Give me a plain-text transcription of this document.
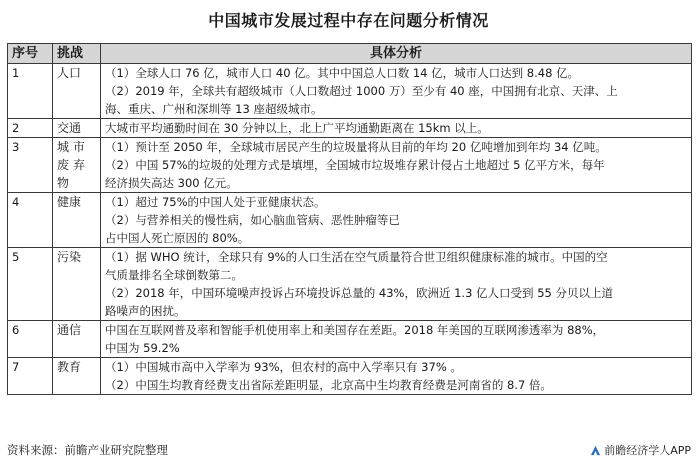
中国城市发展过程中存在问题分析情况
序号	挑战	具体分析
1	人口	（1）全球人口 76 亿，城市人口 40 亿。其中中国总人口数 14 亿，城市人口达到 8.48 亿。
（2）2019 年，全球共有超级城市（人口数超过 1000 万）至少有 40 座，中国拥有北京、天津、上
海、重庆、广州和深圳等 13 座超级城市。

2	交通	大城市平均通勤时间在 30 分钟以上，北上广平均通勤距离在 15km 以上。

3	城 市 废 弃 物	（1）预计至 2050 年，全球城市居民产生的垃圾量将从目前的年均 20 亿吨增加到年均 34 亿吨。
（2）中国 57%的垃圾的处理方式是填埋，全国城市垃圾堆存累计侵占土地超过 5 亿平方米，每年
经济损失高达 300 亿元。

4	健康	（1）超过 75%的中国人处于亚健康状态。
（2）与营养相关的慢性病，如心脑血管病、恶性肿瘤等已
占中国人死亡原因的 80%。

5	污染	（1）据 WHO 统计，全球只有 9%的人口生活在空气质量符合世卫组织健康标准的城市。中国的空
气质量排名全球倒数第二。
（2）2018 年，中国环境噪声投诉占环境投诉总量的 43%，欧洲近 1.3 亿人口受到 55 分贝以上道
路噪声的困扰。

6	通信	中国在互联网普及率和智能手机使用率上和美国存在差距。2018 年美国的互联网渗透率为 88%，
中国为 59.2%

7	教育	（1）中国城市高中入学率为 93%，但农村的高中入学率只有 37% 。
（2）中国生均教育经费支出省际差距明显，北京高中生均教育经费是河南省的 8.7 倍。
资料来源：前瞻产业研究院整理	前瞻经济学人APP
